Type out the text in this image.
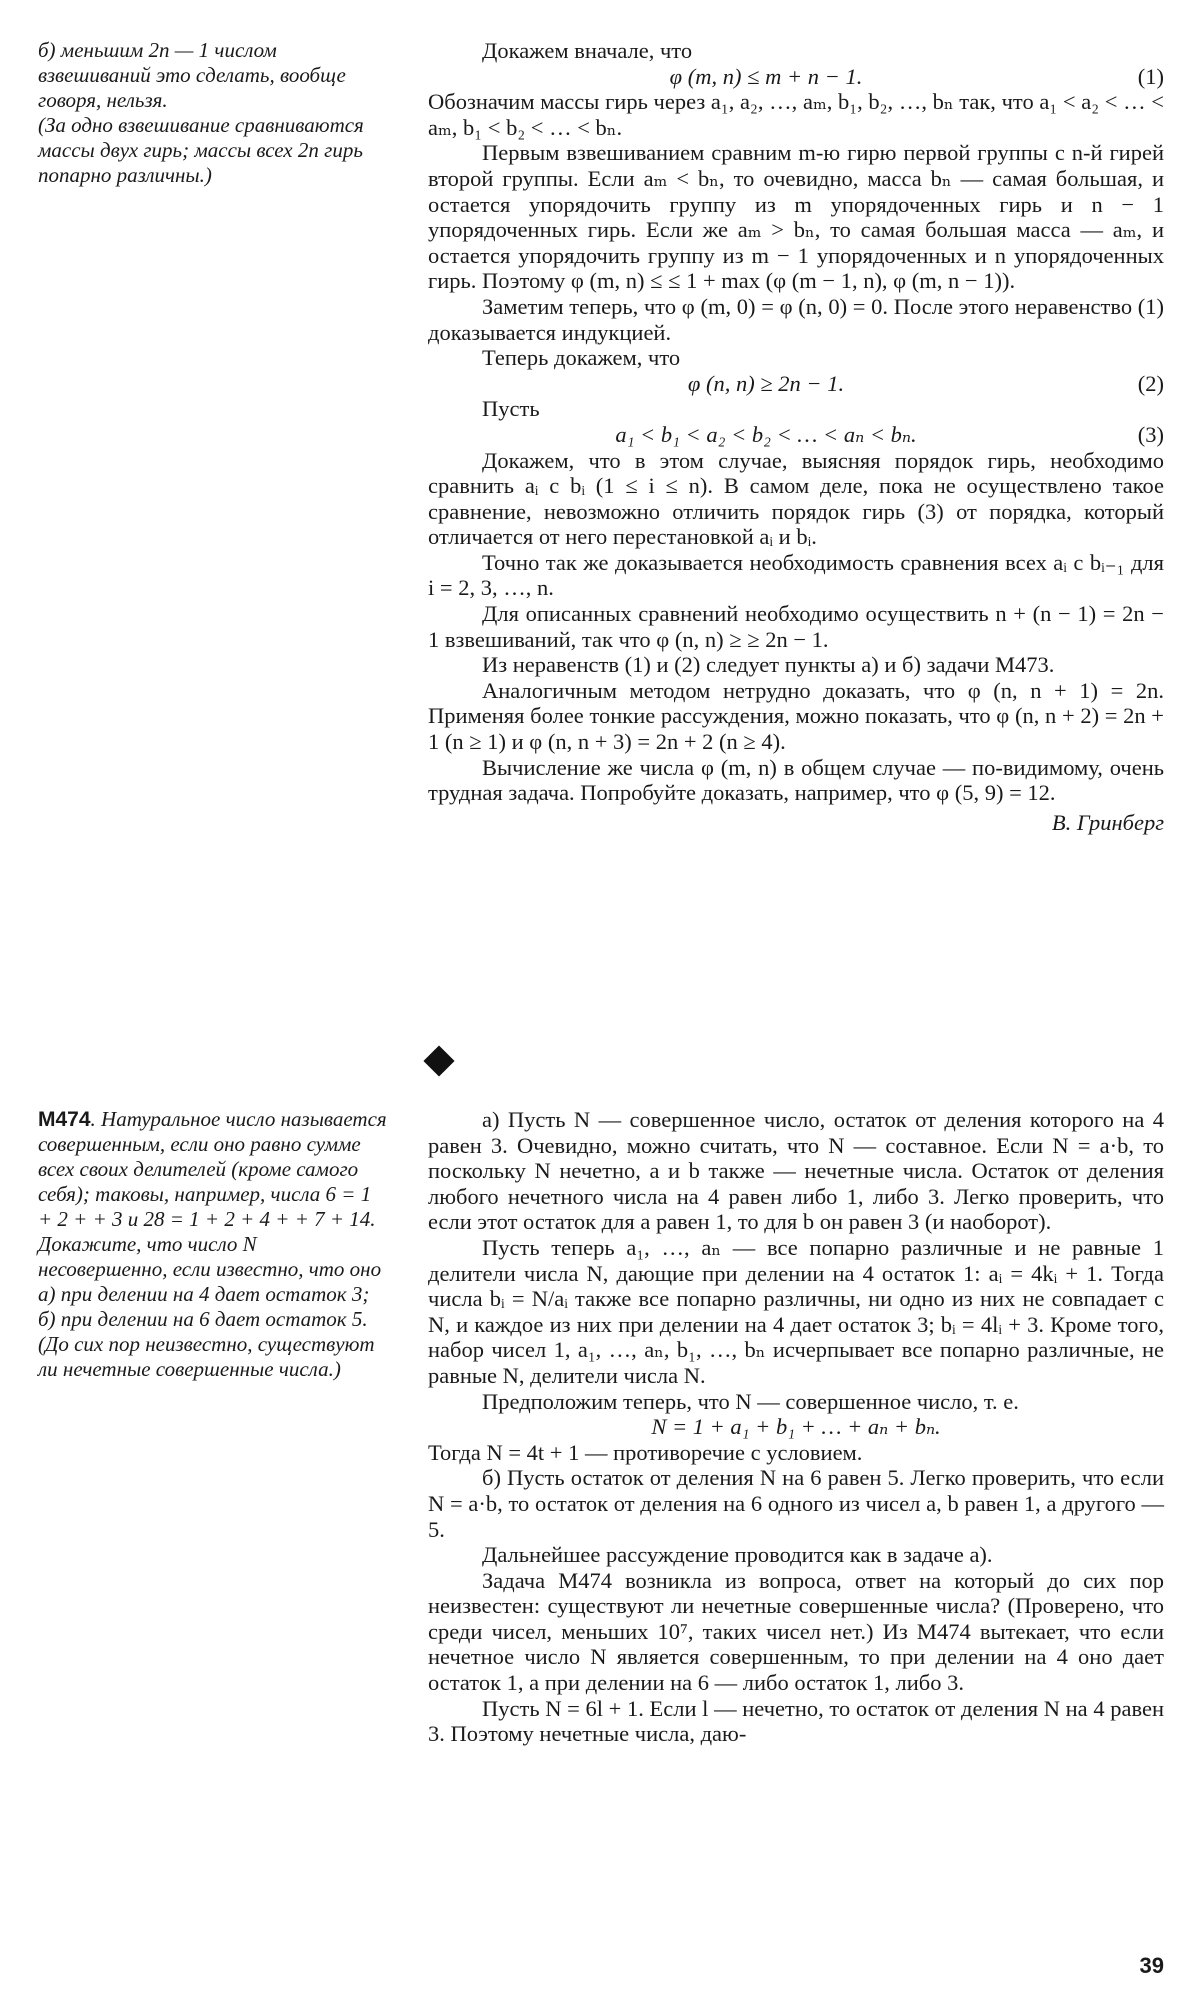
б) меньшим 2n — 1 числом взвешиваний это сделать, вообще говоря, нельзя.

(За одно взвешивание сравниваются массы двух гирь; массы всех 2n гирь попарно различны.)

Докажем вначале, что

φ (m, n) ≤ m + n − 1.	(1)

Обозначим массы гирь через a₁, a₂, …, aₘ, b₁, b₂, …, bₙ так, что a₁ < a₂ < … < aₘ, b₁ < b₂ < … < bₙ.

Первым взвешиванием сравним m-ю гирю первой группы с n-й гирей второй группы. Если aₘ < bₙ, то очевидно, масса bₙ — самая большая, и остается упорядочить группу из m упорядоченных гирь и n − 1 упорядоченных гирь. Если же aₘ > bₙ, то самая большая масса — aₘ, и остается упорядочить группу из m − 1 упорядоченных и n упорядоченных гирь. Поэтому φ (m, n) ≤ ≤ 1 + max (φ (m − 1, n), φ (m, n − 1)).

Заметим теперь, что φ (m, 0) = φ (n, 0) = 0. После этого неравенство (1) доказывается индукцией.

Теперь докажем, что

φ (n, n) ≥ 2n − 1.	(2)

Пусть

a₁ < b₁ < a₂ < b₂ < … < aₙ < bₙ.	(3)

Докажем, что в этом случае, выясняя порядок гирь, необходимо сравнить aᵢ с bᵢ (1 ≤ i ≤ n). В самом деле, пока не осуществлено такое сравнение, невозможно отличить порядок гирь (3) от порядка, который отличается от него перестановкой aᵢ и bᵢ.

Точно так же доказывается необходимость сравнения всех aᵢ с bᵢ₋₁ для i = 2, 3, …, n.

Для описанных сравнений необходимо осуществить n + (n − 1) = 2n − 1 взвешиваний, так что φ (n, n) ≥ ≥ 2n − 1.

Из неравенств (1) и (2) следует пункты а) и б) задачи М473.

Аналогичным методом нетрудно доказать, что φ (n, n + 1) = 2n. Применяя более тонкие рассуждения, можно показать, что φ (n, n + 2) = 2n + 1 (n ≥ 1) и φ (n, n + 3) = 2n + 2 (n ≥ 4).

Вычисление же числа φ (m, n) в общем случае — по-видимому, очень трудная задача. Попробуйте доказать, например, что φ (5, 9) = 12.

В. Гринберг

М474. Натуральное число называется совершенным, если оно равно сумме всех своих делителей (кроме самого себя); таковы, например, числа 6 = 1 + 2 + + 3 и 28 = 1 + 2 + 4 + + 7 + 14. Докажите, что число N несовершенно, если известно, что оно

а) при делении на 4 дает остаток 3;

б) при делении на 6 дает остаток 5.

(До сих пор неизвестно, существуют ли нечетные совершенные числа.)

а) Пусть N — совершенное число, остаток от деления которого на 4 равен 3. Очевидно, можно считать, что N — составное. Если N = a·b, то поскольку N нечетно, a и b также — нечетные числа. Остаток от деления любого нечетного числа на 4 равен либо 1, либо 3. Легко проверить, что если этот остаток для a равен 1, то для b он равен 3 (и наоборот).

Пусть теперь a₁, …, aₙ — все попарно различные и не равные 1 делители числа N, дающие при делении на 4 остаток 1: aᵢ = 4kᵢ + 1. Тогда числа bᵢ = N/aᵢ также все попарно различны, ни одно из них не совпадает с N, и каждое из них при делении на 4 дает остаток 3; bᵢ = 4lᵢ + 3. Кроме того, набор чисел 1, a₁, …, aₙ, b₁, …, bₙ исчерпывает все попарно различные, не равные N, делители числа N.

Предположим теперь, что N — совершенное число, т. е.

N = 1 + a₁ + b₁ + … + aₙ + bₙ.

Тогда N = 4t + 1 — противоречие с условием.

б) Пусть остаток от деления N на 6 равен 5. Легко проверить, что если N = a·b, то остаток от деления на 6 одного из чисел a, b равен 1, а другого — 5.

Дальнейшее рассуждение проводится как в задаче а).

Задача М474 возникла из вопроса, ответ на который до сих пор неизвестен: существуют ли нечетные совершенные числа? (Проверено, что среди чисел, меньших 10⁷, таких чисел нет.) Из М474 вытекает, что если нечетное число N является совершенным, то при делении на 4 оно дает остаток 1, а при делении на 6 — либо остаток 1, либо 3.

Пусть N = 6l + 1. Если l — нечетно, то остаток от деления N на 4 равен 3. Поэтому нечетные числа, даю-

39
